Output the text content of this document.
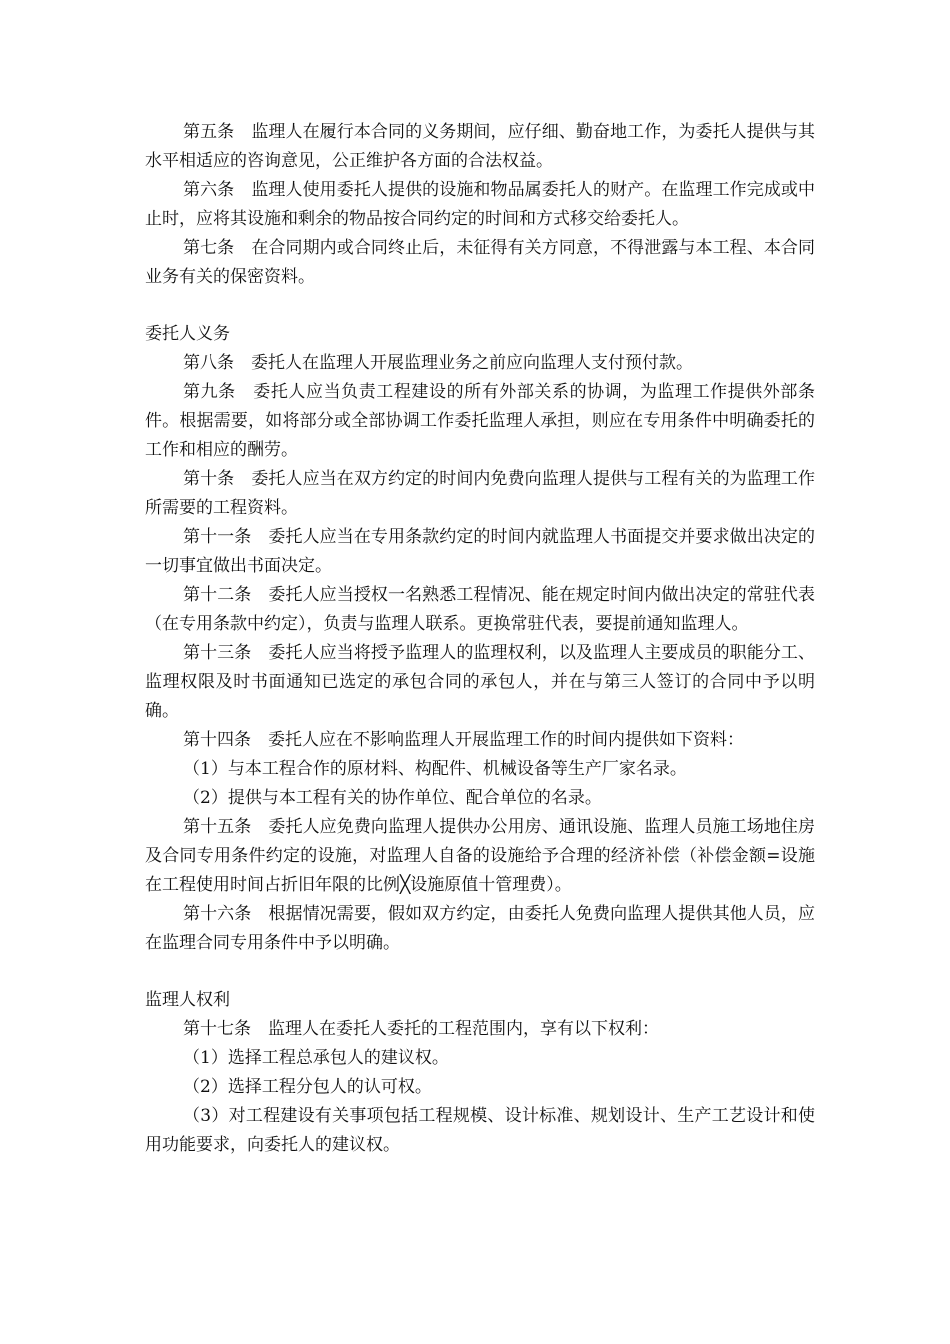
第五条　监理人在履行本合同的义务期间，应仔细、勤奋地工作，为委托人提供与其水平相适应的咨询意见，公正维护各方面的合法权益。

第六条　监理人使用委托人提供的设施和物品属委托人的财产。在监理工作完成或中止时，应将其设施和剩余的物品按合同约定的时间和方式移交给委托人。

第七条　在合同期内或合同终止后，未征得有关方同意，不得泄露与本工程、本合同业务有关的保密资料。

委托人义务

第八条　委托人在监理人开展监理业务之前应向监理人支付预付款。

第九条　委托人应当负责工程建设的所有外部关系的协调，为监理工作提供外部条件。根据需要，如将部分或全部协调工作委托监理人承担，则应在专用条件中明确委托的工作和相应的酬劳。

第十条　委托人应当在双方约定的时间内免费向监理人提供与工程有关的为监理工作所需要的工程资料。

第十一条　委托人应当在专用条款约定的时间内就监理人书面提交并要求做出决定的一切事宜做出书面决定。

第十二条　委托人应当授权一名熟悉工程情况、能在规定时间内做出决定的常驻代表（在专用条款中约定），负责与监理人联系。更换常驻代表，要提前通知监理人。

第十三条　委托人应当将授予监理人的监理权利，以及监理人主要成员的职能分工、监理权限及时书面通知已选定的承包合同的承包人，并在与第三人签订的合同中予以明确。

第十四条　委托人应在不影响监理人开展监理工作的时间内提供如下资料：

（1）与本工程合作的原材料、构配件、机械设备等生产厂家名录。

（2）提供与本工程有关的协作单位、配合单位的名录。

第十五条　委托人应免费向监理人提供办公用房、通讯设施、监理人员施工场地住房及合同专用条件约定的设施，对监理人自备的设施给予合理的经济补偿（补偿金额=设施在工程使用时间占折旧年限的比例╳设施原值十管理费）。

第十六条　根据情况需要，假如双方约定，由委托人免费向监理人提供其他人员，应在监理合同专用条件中予以明确。

监理人权利

第十七条　监理人在委托人委托的工程范围内，享有以下权利：

（1）选择工程总承包人的建议权。

（2）选择工程分包人的认可权。

（3）对工程建设有关事项包括工程规模、设计标准、规划设计、生产工艺设计和使用功能要求，向委托人的建议权。
